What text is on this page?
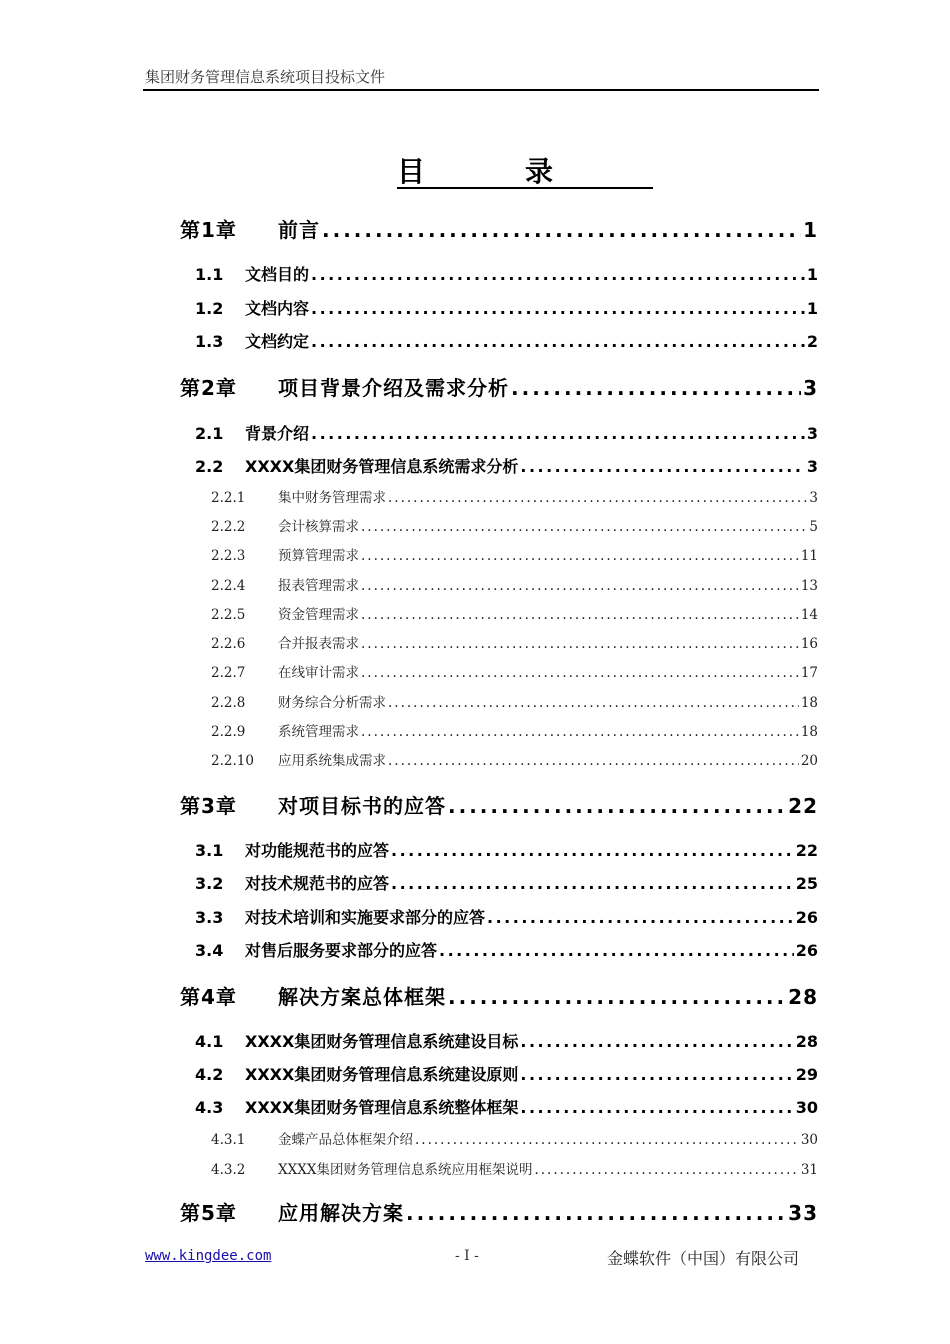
集团财务管理信息系统项目投标文件
目录
第1章	前言 .....	1
1.1	文档目的 .....	1
1.2	文档内容 .....	1
1.3	文档约定 .....	2
第2章	项目背景介绍及需求分析 .....	3
2.1	背景介绍 .....	3
2.2	XXXX集团财务管理信息系统需求分析 .....	3
2.2.1	集中财务管理需求 .....	3
2.2.2	会计核算需求 .....	5
2.2.3	预算管理需求 .....	11
2.2.4	报表管理需求 .....	13
2.2.5	资金管理需求 .....	14
2.2.6	合并报表需求 .....	16
2.2.7	在线审计需求 .....	17
2.2.8	财务综合分析需求 .....	18
2.2.9	系统管理需求 .....	18
2.2.10	应用系统集成需求 .....	20
第3章	对项目标书的应答 .....	22
3.1	对功能规范书的应答 .....	22
3.2	对技术规范书的应答 .....	25
3.3	对技术培训和实施要求部分的应答 .....	26
3.4	对售后服务要求部分的应答 .....	26
第4章	解决方案总体框架 .....	28
4.1	XXXX集团财务管理信息系统建设目标 .....	28
4.2	XXXX集团财务管理信息系统建设原则 .....	29
4.3	XXXX集团财务管理信息系统整体框架 .....	30
4.3.1	金蝶产品总体框架介绍 .....	30
4.3.2	XXXX集团财务管理信息系统应用框架说明 .....	31
第5章	应用解决方案 .....	33
www.kingdee.com	- I -	金蝶软件（中国）有限公司
